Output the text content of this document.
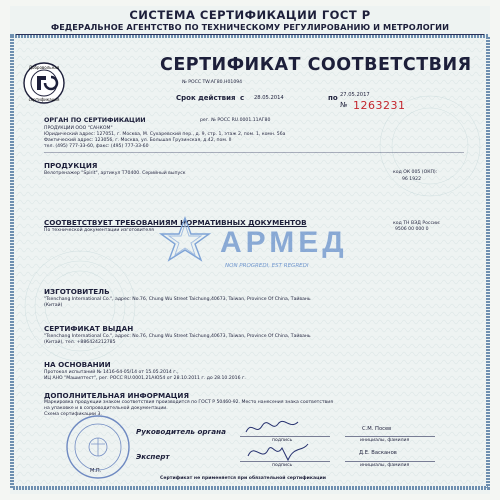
СИСТЕМА СЕРТИФИКАЦИИ ГОСТ Р
ФЕДЕРАЛЬНОЕ АГЕНТСТВО ПО ТЕХНИЧЕСКОМУ РЕГУЛИРОВАНИЮ И МЕТРОЛОГИИ
Добровольная
сертификация
СЕРТИФИКАТ СООТВЕТСТВИЯ
№ РОСС TW.АГ80.Н01094
Срок действия с 28.05.2014	по 27.05.2017
№ 1263231
ОРГАН ПО СЕРТИФИКАЦИИ	рег. № РОСС RU.0001.11АГ80
ПРОДУКЦИИ ООО "САНКОМ"
Юридический адрес: 127051, г. Москва, М. Сухаревский пер., д. 9, стр. 1, этаж 2, пом. 1, комн. 56а
Фактический адрес: 123056, г. Москва, ул. Большая Грузинская, д.42, пом. II
тел. (495) 777-33-60, факс: (495) 777-33-60
ПРОДУКЦИЯ
Велотренажер "Spirit", артикул Т70400. Серийный выпуск	код ОК 005 (ОКП):
96 1922
СООТВЕТСТВУЕТ ТРЕБОВАНИЯМ НОРМАТИВНЫХ ДОКУМЕНТОВ
По технической документации изготовителя
код ТН ВЭД России:
9506 00 000 0
АРМЕД
NON PROGREDI, EST REGREDI
ИЗГОТОВИТЕЛЬ
"Tsenchang International Co.", адрес: No.76, Chung Wu Street Taichung,40673, Taiwan, Province Of China, Тайвань
(Китай)
СЕРТИФИКАТ ВЫДАН
"Tsenchang International Co.", адрес: No.76, Chung Wu Street Taichung,40673, Taiwan, Province Of China, Тайвань
(Китай), тел. +886424212785
НА ОСНОВАНИИ
Протокол испытаний № 1416-64-05/14 от 15.05.2014 г.,
ИЦ АНО "Машиптест", рег. РОСС RU.0001.21АЮ54 от 28.10.2011 г. до 28.10.2016 г.
ДОПОЛНИТЕЛЬНАЯ ИНФОРМАЦИЯ
Маркировка продукции знаком соответствия производится по ГОСТ Р 50460-92. Место нанесения знака соответствия
на упаковке и в сопроводительной документации.
Схема сертификации 3.
М.П.
Руководитель органа
подпись
С.М. Посев
инициалы, фамилия
Эксперт
подпись
Д.Е. Васканов
инициалы, фамилия
Сертификат не применяется при обязательной сертификации
